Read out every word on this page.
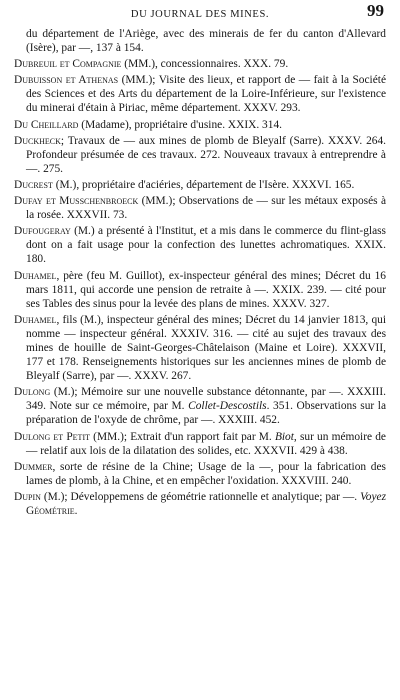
DU JOURNAL DES MINES.	99

du département de l'Ariège, avec des minerais de fer du canton d'Allevard (Isère), par —, 137 à 154.

Dubreuil et Compagnie (MM.), concessionnaires. XXX. 79.

Dubuisson et Athenas (MM.); Visite des lieux, et rapport de — fait à la Société des Sciences et des Arts du département de la Loire-Inférieure, sur l'existence du minerai d'étain à Piriac, même département. XXXV. 293.

Du Cheillard (Madame), propriétaire d'usine. XXIX. 314.

Duckheck; Travaux de — aux mines de plomb de Bleyalf (Sarre). XXXV. 264. Profondeur présumée de ces travaux. 272. Nouveaux travaux à entreprendre à —. 275.

Ducrest (M.), propriétaire d'aciéries, département de l'Isère. XXXVI. 165.

Dufay et Musschenbroeck (MM.); Observations de — sur les métaux exposés à la rosée. XXXVII. 73.

Dufougeray (M.) a présenté à l'Institut, et a mis dans le commerce du flint-glass dont on a fait usage pour la confection des lunettes achromatiques. XXIX. 180.

Duhamel, père (feu M. Guillot), ex-inspecteur général des mines; Décret du 16 mars 1811, qui accorde une pension de retraite à —. XXIX. 239. — cité pour ses Tables des sinus pour la levée des plans de mines. XXXV. 327.

Duhamel, fils (M.), inspecteur général des mines; Décret du 14 janvier 1813, qui nomme — inspecteur général. XXXIV. 316. — cité au sujet des travaux des mines de houille de Saint-Georges-Châtelaison (Maine et Loire). XXXVII, 177 et 178. Renseignements historiques sur les anciennes mines de plomb de Bleyalf (Sarre), par —. XXXV. 267.

Dulong (M.); Mémoire sur une nouvelle substance détonnante, par —. XXXIII. 349. Note sur ce mémoire, par M. Collet-Descostils. 351. Observations sur la préparation de l'oxyde de chrôme, par —. XXXIII. 452.

Dulong et Petit (MM.); Extrait d'un rapport fait par M. Biot, sur un mémoire de — relatif aux lois de la dilatation des solides, etc. XXXVII. 429 à 438.

Dummer, sorte de résine de la Chine; Usage de la —, pour la fabrication des lames de plomb, à la Chine, et en empêcher l'oxidation. XXXVIII. 240.

Dupin (M.); Développemens de géométrie rationnelle et analytique; par —. Voyez Géométrie.
